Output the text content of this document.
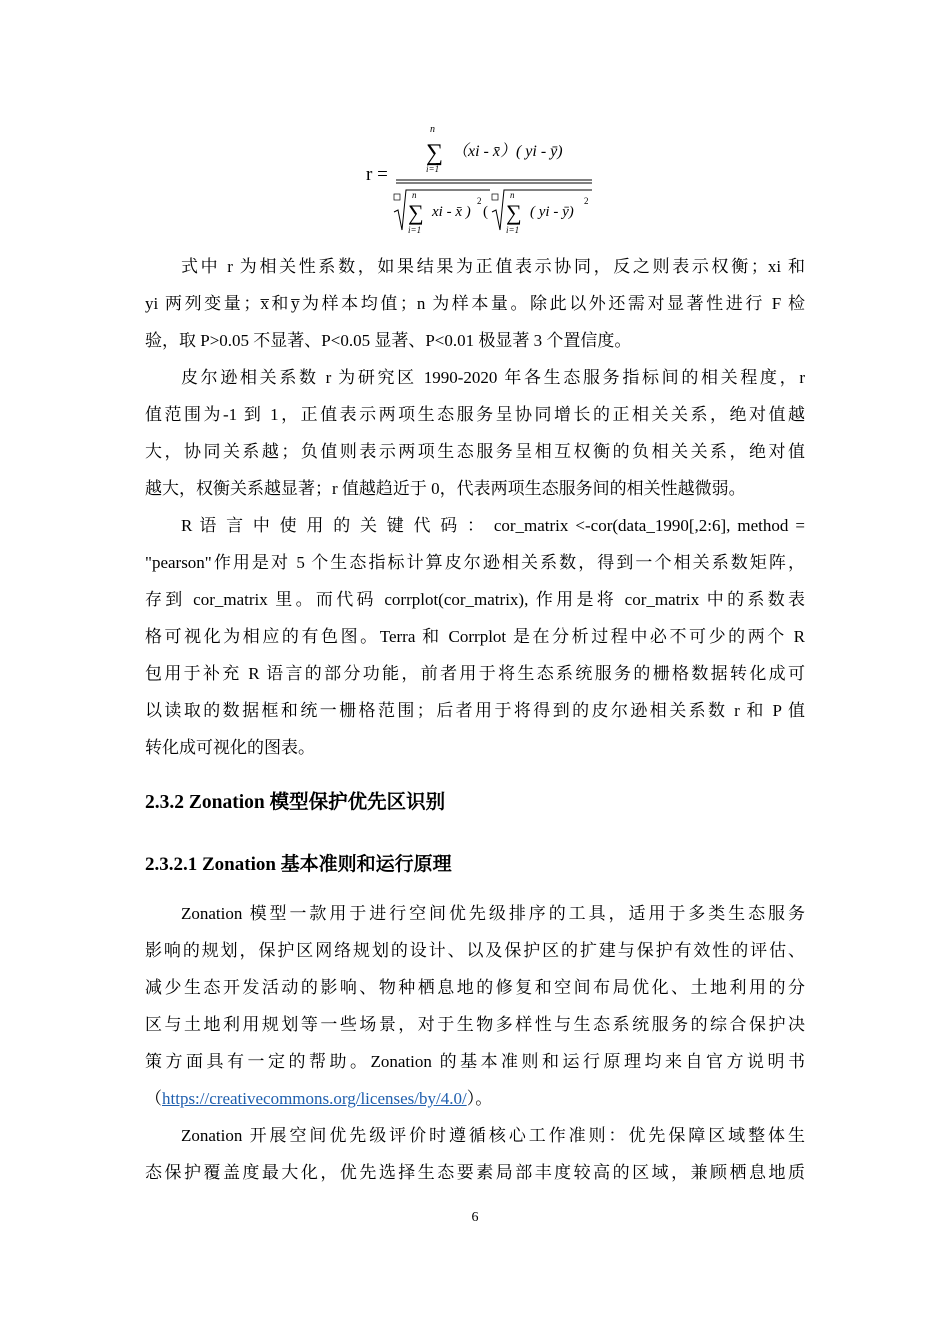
r =
n
∑
i=1
（xi - x̄）( yi - ȳ)
n
∑
i=1
xi - x̄ )
2
(
n
∑
i=1
( yi - ȳ)
2
式中 r 为相关性系数，如果结果为正值表示协同，反之则表示权衡；xi 和
yi 两列变量；x̅和y̅为样本均值；n 为样本量。除此以外还需对显著性进行 F 检
验，取 P>0.05 不显著、P<0.05 显著、P<0.01 极显著 3 个置信度。
皮尔逊相关系数 r 为研究区 1990-2020 年各生态服务指标间的相关程度，r
值范围为-1 到 1，正值表示两项生态服务呈协同增长的正相关关系，绝对值越
大，协同关系越；负值则表示两项生态服务呈相互权衡的负相关关系，绝对值
越大，权衡关系越显著；r 值越趋近于 0，代表两项生态服务间的相关性越微弱。
R 语 言 中 使 用 的 关 键 代 码 ： cor_matrix <-cor(data_1990[,2:6], method =
"pearson"作用是对 5 个生态指标计算皮尔逊相关系数，得到一个相关系数矩阵，
存到 cor_matrix 里。而代码 corrplot(cor_matrix), 作用是将 cor_matrix 中的系数表
格可视化为相应的有色图。Terra 和 Corrplot 是在分析过程中必不可少的两个 R
包用于补充 R 语言的部分功能，前者用于将生态系统服务的栅格数据转化成可
以读取的数据框和统一栅格范围；后者用于将得到的皮尔逊相关系数 r 和 P 值
转化成可视化的图表。
2.3.2 Zonation 模型保护优先区识别
2.3.2.1 Zonation 基本准则和运行原理
Zonation 模型一款用于进行空间优先级排序的工具，适用于多类生态服务
影响的规划，保护区网络规划的设计、以及保护区的扩建与保护有效性的评估、
减少生态开发活动的影响、物种栖息地的修复和空间布局优化、土地利用的分
区与土地利用规划等一些场景，对于生物多样性与生态系统服务的综合保护决
策方面具有一定的帮助。Zonation 的基本准则和运行原理均来自官方说明书
（https://creativecommons.org/licenses/by/4.0/）。
Zonation 开展空间优先级评价时遵循核心工作准则：优先保障区域整体生
态保护覆盖度最大化，优先选择生态要素局部丰度较高的区域，兼顾栖息地质
6
